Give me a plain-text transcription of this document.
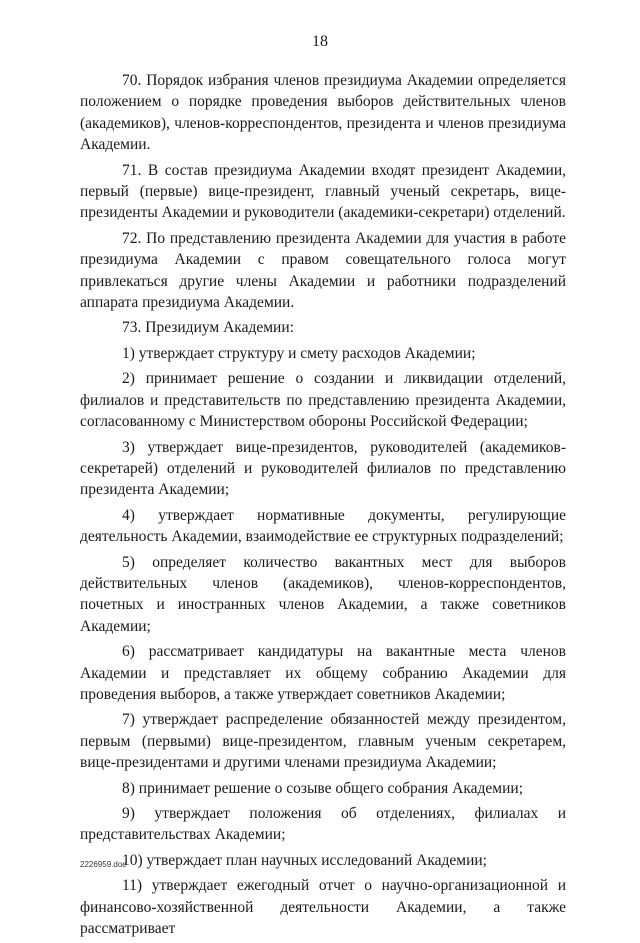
18

70. Порядок избрания членов президиума Академии определяется положением о порядке проведения выборов действительных членов (академиков), членов-корреспондентов, президента и членов президиума Академии.

71. В состав президиума Академии входят президент Академии, первый (первые) вице-президент, главный ученый секретарь, вице-президенты Академии и руководители (академики-секретари) отделений.

72. По представлению президента Академии для участия в работе президиума Академии с правом совещательного голоса могут привлекаться другие члены Академии и работники подразделений аппарата президиума Академии.

73. Президиум Академии:

1) утверждает структуру и смету расходов Академии;

2) принимает решение о создании и ликвидации отделений, филиалов и представительств по представлению президента Академии, согласованному с Министерством обороны Российской Федерации;

3) утверждает вице-президентов, руководителей (академиков-секретарей) отделений и руководителей филиалов по представлению президента Академии;

4) утверждает нормативные документы, регулирующие деятельность Академии, взаимодействие ее структурных подразделений;

5) определяет количество вакантных мест для выборов действительных членов (академиков), членов-корреспондентов, почетных и иностранных членов Академии, а также советников Академии;

6) рассматривает кандидатуры на вакантные места членов Академии и представляет их общему собранию Академии для проведения выборов, а также утверждает советников Академии;

7) утверждает распределение обязанностей между президентом, первым (первыми) вице-президентом, главным ученым секретарем, вице-президентами и другими членами президиума Академии;

8) принимает решение о созыве общего собрания Академии;

9) утверждает положения об отделениях, филиалах и представительствах Академии;

10) утверждает план научных исследований Академии;

11) утверждает ежегодный отчет о научно-организационной и финансово-хозяйственной деятельности Академии, а также рассматривает

2226959.doc
